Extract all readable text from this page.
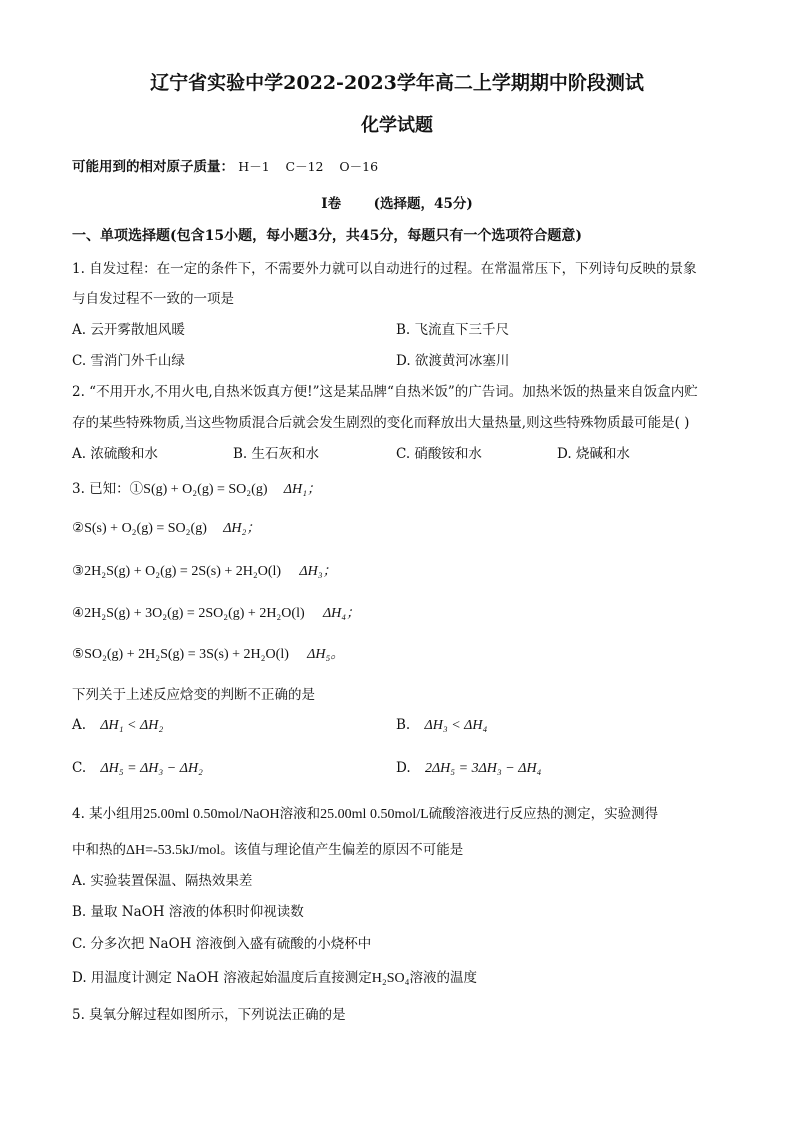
辽宁省实验中学2022-2023学年高二上学期期中阶段测试
化学试题
可能用到的相对原子质量： H－1    C－12    O－16
I卷 (选择题，45分)
一、单项选择题(包含15小题，每小题3分，共45分，每题只有一个选项符合题意)
1. 自发过程：在一定的条件下，不需要外力就可以自动进行的过程。在常温常压下，下列诗句反映的景象
与自发过程不一致的一项是
A. 云开雾散旭风暖	B. 飞流直下三千尺
C. 雪消门外千山绿	D. 欲渡黄河冰塞川
2. “不用开水,不用火电,自热米饭真方便!”这是某品牌“自热米饭”的广告词。加热米饭的热量来自饭盒内贮
存的某些特殊物质,当这些物质混合后就会发生剧烈的变化而释放出大量热量,则这些特殊物质最可能是( )
A. 浓硫酸和水	B. 生石灰和水	C. 硝酸铵和水	D. 烧碱和水
3. 已知：①S(g) + O₂(g) = SO₂(g) ΔH₁；
②S(s) + O₂(g) = SO₂(g) ΔH₂；
③2H₂S(g) + O₂(g) = 2S(s) + 2H₂O(l) ΔH₃；
④2H₂S(g) + 3O₂(g) = 2SO₂(g) + 2H₂O(l) ΔH₄；
⑤SO₂(g) + 2H₂S(g) = 3S(s) + 2H₂O(l) ΔH₅。
下列关于上述反应焓变的判断不正确的是
A. ΔH₁ < ΔH₂	B. ΔH₃ < ΔH₄
C. ΔH₅ = ΔH₃ − ΔH₂	D. 2ΔH₅ = 3ΔH₃ − ΔH₄
4. 某小组用25.00ml 0.50mol/NaOH溶液和25.00ml 0.50mol/L硫酸溶液进行反应热的测定，实验测得
中和热的ΔH=-53.5kJ/mol。该值与理论值产生偏差的原因不可能是
A. 实验装置保温、隔热效果差
B. 量取 NaOH 溶液的体积时仰视读数
C. 分多次把 NaOH 溶液倒入盛有硫酸的小烧杯中
D. 用温度计测定 NaOH 溶液起始温度后直接测定H₂SO₄溶液的温度
5. 臭氧分解过程如图所示，下列说法正确的是
